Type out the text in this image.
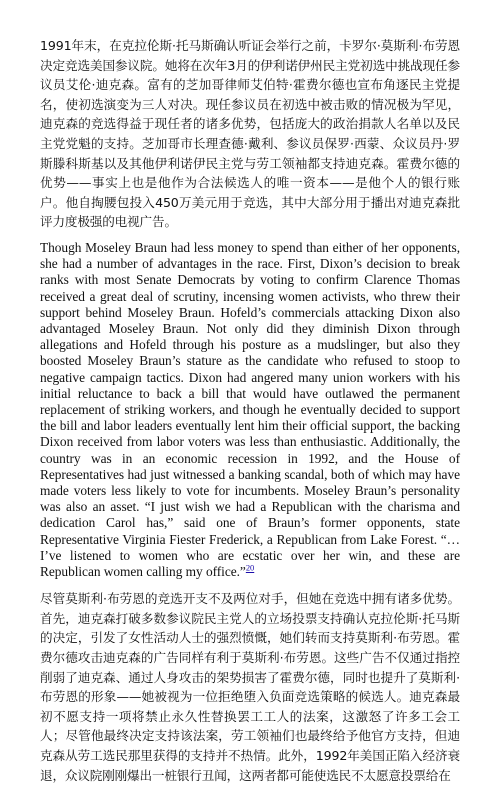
1991年末，在克拉伦斯·托马斯确认听证会举行之前，卡罗尔·莫斯利·布劳恩决定竞选美国参议院。她将在次年3月的伊利诺伊州民主党初选中挑战现任参议员艾伦·迪克森。富有的芝加哥律师艾伯特·霍费尔德也宣布角逐民主党提名，使初选演变为三人对决。现任参议员在初选中被击败的情况极为罕见，迪克森的竞选得益于现任者的诸多优势，包括庞大的政治捐款人名单以及民主党党魁的支持。芝加哥市长理查德·戴利、参议员保罗·西蒙、众议员丹·罗斯滕科斯基以及其他伊利诺伊民主党与劳工领袖都支持迪克森。霍费尔德的优势——事实上也是他作为合法候选人的唯一资本——是他个人的银行账户。他自掏腰包投入450万美元用于竞选，其中大部分用于播出对迪克森批评力度极强的电视广告。

Though Moseley Braun had less money to spend than either of her opponents, she had a number of advantages in the race. First, Dixon’s decision to break ranks with most Senate Democrats by voting to confirm Clarence Thomas received a great deal of scrutiny, incensing women activists, who threw their support behind Moseley Braun. Hofeld’s commercials attacking Dixon also advantaged Moseley Braun. Not only did they diminish Dixon through allegations and Hofeld through his posture as a mudslinger, but also they boosted Moseley Braun’s stature as the candidate who refused to stoop to negative campaign tactics. Dixon had angered many union workers with his initial reluctance to back a bill that would have outlawed the permanent replacement of striking workers, and though he eventually decided to support the bill and labor leaders eventually lent him their official support, the backing Dixon received from labor voters was less than enthusiastic. Additionally, the country was in an economic recession in 1992, and the House of Representatives had just witnessed a banking scandal, both of which may have made voters less likely to vote for incumbents. Moseley Braun’s personality was also an asset. “I just wish we had a Republican with the charisma and dedication Carol has,” said one of Braun’s former opponents, state Representative Virginia Fiester Frederick, a Republican from Lake Forest. “…I’ve listened to women who are ecstatic over her win, and these are Republican women calling my office.”$^{20}$

尽管莫斯利·布劳恩的竞选开支不及两位对手，但她在竞选中拥有诸多优势。首先，迪克森打破多数参议院民主党人的立场投票支持确认克拉伦斯·托马斯的决定，引发了女性活动人士的强烈愤慨，她们转而支持莫斯利·布劳恩。霍费尔德攻击迪克森的广告同样有利于莫斯利·布劳恩。这些广告不仅通过指控削弱了迪克森、通过人身攻击的架势损害了霍费尔德，同时也提升了莫斯利·布劳恩的形象——她被视为一位拒绝堕入负面竞选策略的候选人。迪克森最初不愿支持一项将禁止永久性替换罢工工人的法案，这激怒了许多工会工人；尽管他最终决定支持该法案，劳工领袖们也最终给予他官方支持，但迪克森从劳工选民那里获得的支持并不热情。此外，1992年美国正陷入经济衰退，众议院刚刚爆出一桩银行丑闻，这两者都可能使选民不太愿意投票给在
